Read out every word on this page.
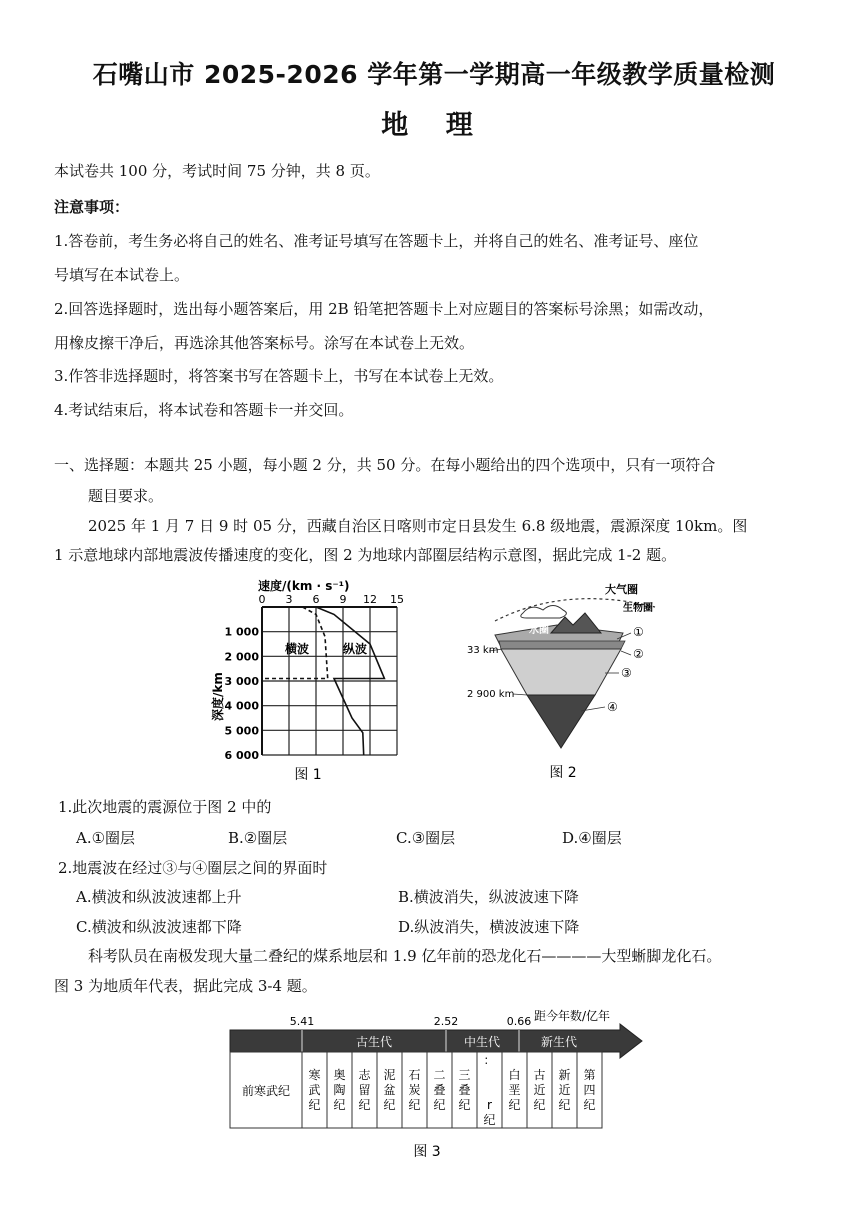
石嘴山市 2025-2026 学年第一学期高一年级教学质量检测
地 理
本试卷共 100 分，考试时间 75 分钟，共 8 页。
注意事项：
1.答卷前，考生务必将自己的姓名、准考证号填写在答题卡上，并将自己的姓名、准考证号、座位
号填写在本试卷上。
2.回答选择题时，选出每小题答案后，用 2B 铅笔把答题卡上对应题目的答案标号涂黑；如需改动，
用橡皮擦干净后，再选涂其他答案标号。涂写在本试卷上无效。
3.作答非选择题时，将答案书写在答题卡上，书写在本试卷上无效。
4.考试结束后，将本试卷和答题卡一并交回。
一、选择题：本题共 25 小题，每小题 2 分，共 50 分。在每小题给出的四个选项中，只有一项符合
题目要求。
2025 年 1 月 7 日 9 时 05 分，西藏自治区日喀则市定日县发生 6.8 级地震，震源深度 10km。图
1 示意地球内部地震波传播速度的变化，图 2 为地球内部圈层结构示意图，据此完成 1-2 题。
速度/(km · s⁻¹)
深度/km
0 3 6 9 12 15
1 000
2 000
3 000
4 000
5 000
6 000
横波	纵波
图 1
大气圈
生物圈
水圈
33 km
2 900 km
①
②
③
④
图 2
1.此次地震的震源位于图 2 中的
A.①圈层	B.②圈层	C.③圈层	D.④圈层
2.地震波在经过③与④圈层之间的界面时
A.横波和纵波波速都上升	B.横波消失，纵波波速下降
C.横波和纵波波速都下降	D.纵波消失，横波波速下降
科考队员在南极发现大量二叠纪的煤系地层和 1.9 亿年前的恐龙化石————大型蜥脚龙化石。
图 3 为地质年代表，据此完成 3-4 题。
距今年数/亿年
5.41	2.52	0.66
古生代	中生代	新生代
前寒武纪
寒武纪
奥陶纪
志留纪
泥盆纪
石炭纪
二叠纪
三叠纪
： r 纪
白垩纪
古近纪
新近纪
第四纪
图 3
